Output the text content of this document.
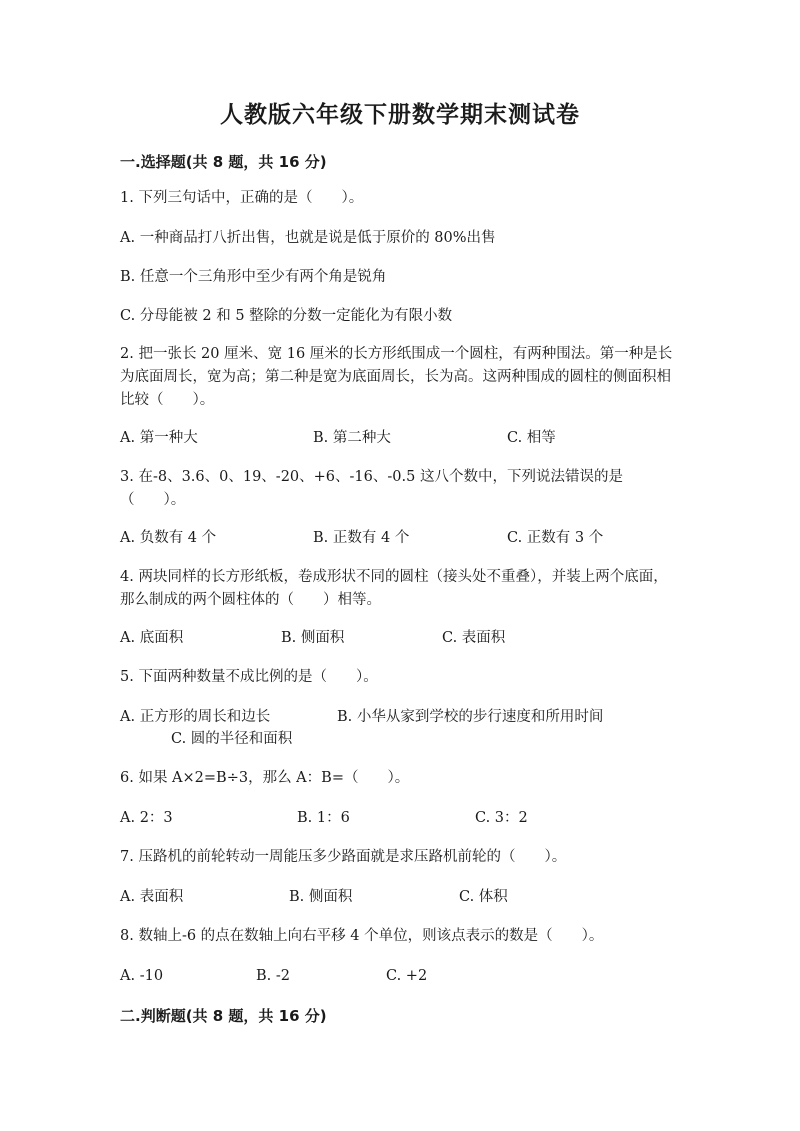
人教版六年级下册数学期末测试卷
一.选择题(共 8 题，共 16 分)
1. 下列三句话中，正确的是（　　）。
A. 一种商品打八折出售，也就是说是低于原价的 80%出售
B. 任意一个三角形中至少有两个角是锐角
C. 分母能被 2 和 5 整除的分数一定能化为有限小数
2. 把一张长 20 厘米、宽 16 厘米的长方形纸围成一个圆柱，有两种围法。第一种是长为底面周长，宽为高；第二种是宽为底面周长，长为高。这两种围成的圆柱的侧面积相比较（　　）。
A. 第一种大	B. 第二种大	C. 相等
3. 在-8、3.6、0、19、-20、+6、-16、-0.5 这八个数中，下列说法错误的是（　　）。
A. 负数有 4 个	B. 正数有 4 个	C. 正数有 3 个
4. 两块同样的长方形纸板，卷成形状不同的圆柱（接头处不重叠），并装上两个底面，那么制成的两个圆柱体的（　　）相等。
A. 底面积	B. 侧面积	C. 表面积
5. 下面两种数量不成比例的是（　　）。
A. 正方形的周长和边长	B. 小华从家到学校的步行速度和所用时间
C. 圆的半径和面积
6. 如果 A×2=B÷3，那么 A：B=（　　）。
A. 2：3	B. 1：6	C. 3：2
7. 压路机的前轮转动一周能压多少路面就是求压路机前轮的（　　）。
A. 表面积	B. 侧面积	C. 体积
8. 数轴上-6 的点在数轴上向右平移 4 个单位，则该点表示的数是（　　）。
A. -10	B. -2	C. +2
二.判断题(共 8 题，共 16 分)
